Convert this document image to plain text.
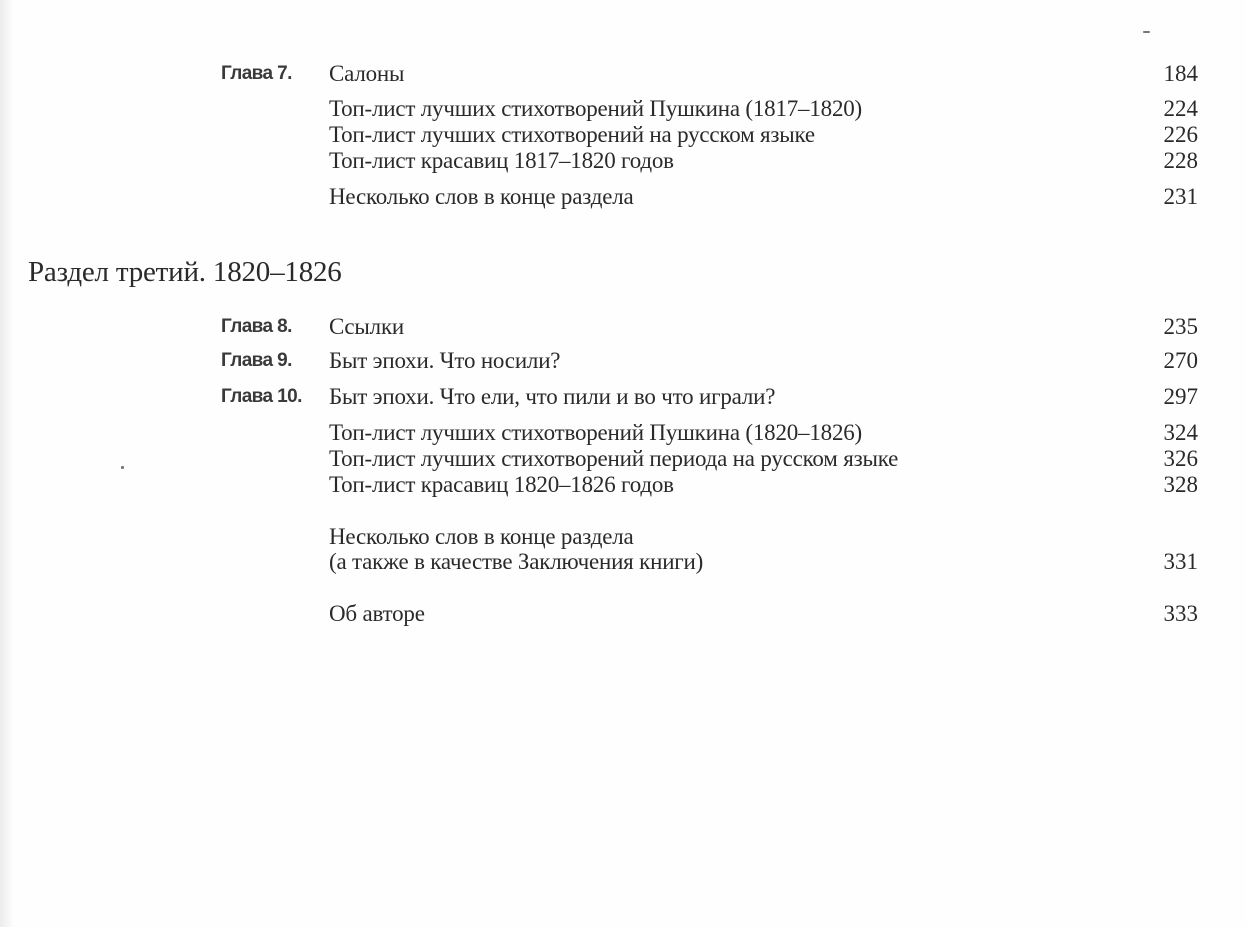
Глава 7. Салоны	184
Топ-лист лучших стихотворений Пушкина (1817–1820)	224
Топ-лист лучших стихотворений на русском языке	226
Топ-лист красавиц 1817–1820 годов	228
Несколько слов в конце раздела	231
Раздел третий. 1820–1826
Глава 8. Ссылки	235
Глава 9. Быт эпохи. Что носили?	270
Глава 10. Быт эпохи. Что ели, что пили и во что играли?	297
Топ-лист лучших стихотворений Пушкина (1820–1826)	324
Топ-лист лучших стихотворений периода на русском языке	326
Топ-лист красавиц 1820–1826 годов	328
Несколько слов в конце раздела
(а также в качестве Заключения книги)	331
Об авторе	333
